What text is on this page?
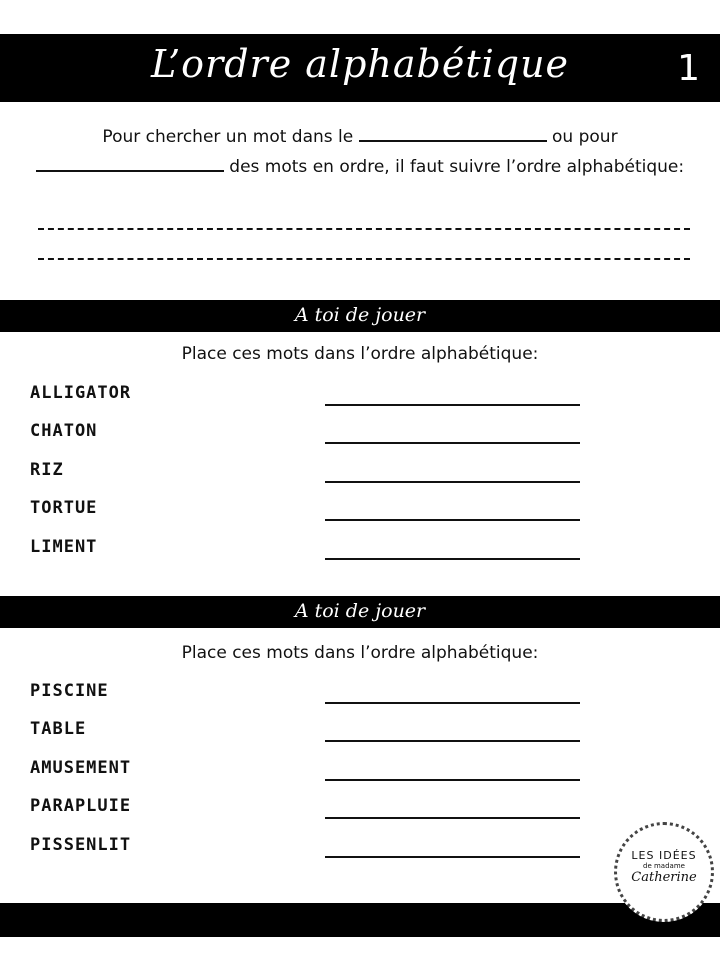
L’ordre alphabétique	1
Pour chercher un mot dans le	ou pour
des mots en ordre, il faut suivre l’ordre alphabétique:
A toi de jouer
Place ces mots dans l’ordre alphabétique:
ALLIGATOR
CHATON
RIZ
TORTUE
LIMENT
A toi de jouer
Place ces mots dans l’ordre alphabétique:
PISCINE
TABLE
AMUSEMENT
PARAPLUIE
PISSENLIT
LES IDÉES
de madame
Catherine
